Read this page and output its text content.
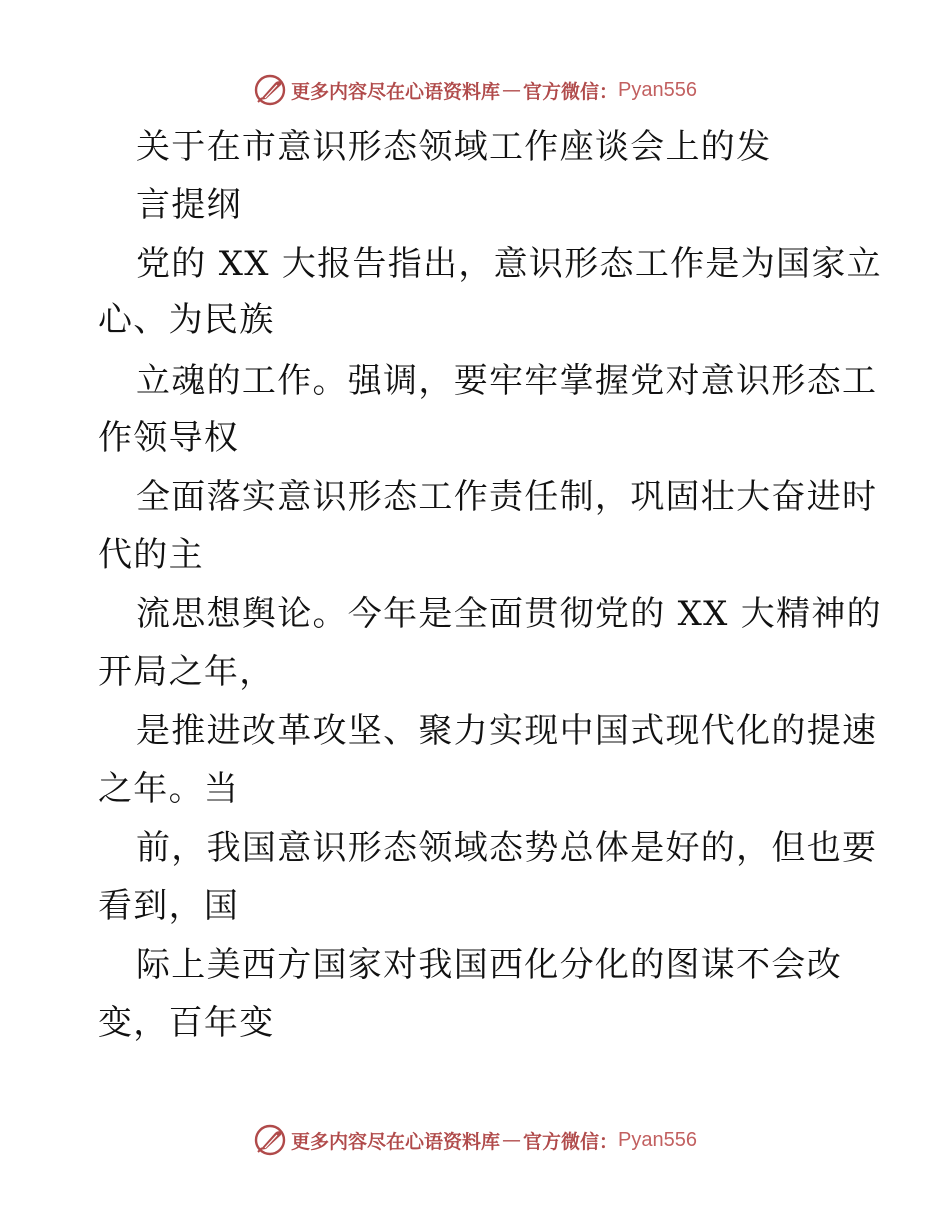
更多内容尽在心语资料库 — 官方微信： Pyan556
关于在市意识形态领域工作座谈会上的发
言提纲
党的 XX 大报告指出，意识形态工作是为国家立
心、为民族
立魂的工作。强调，要牢牢掌握党对意识形态工
作领导权
全面落实意识形态工作责任制，巩固壮大奋进时
代的主
流思想舆论。今年是全面贯彻党的 XX 大精神的
开局之年，
是推进改革攻坚、聚力实现中国式现代化的提速
之年。当
前，我国意识形态领域态势总体是好的，但也要
看到，国
际上美西方国家对我国西化分化的图谋不会改
变，百年变
更多内容尽在心语资料库 — 官方微信： Pyan556
